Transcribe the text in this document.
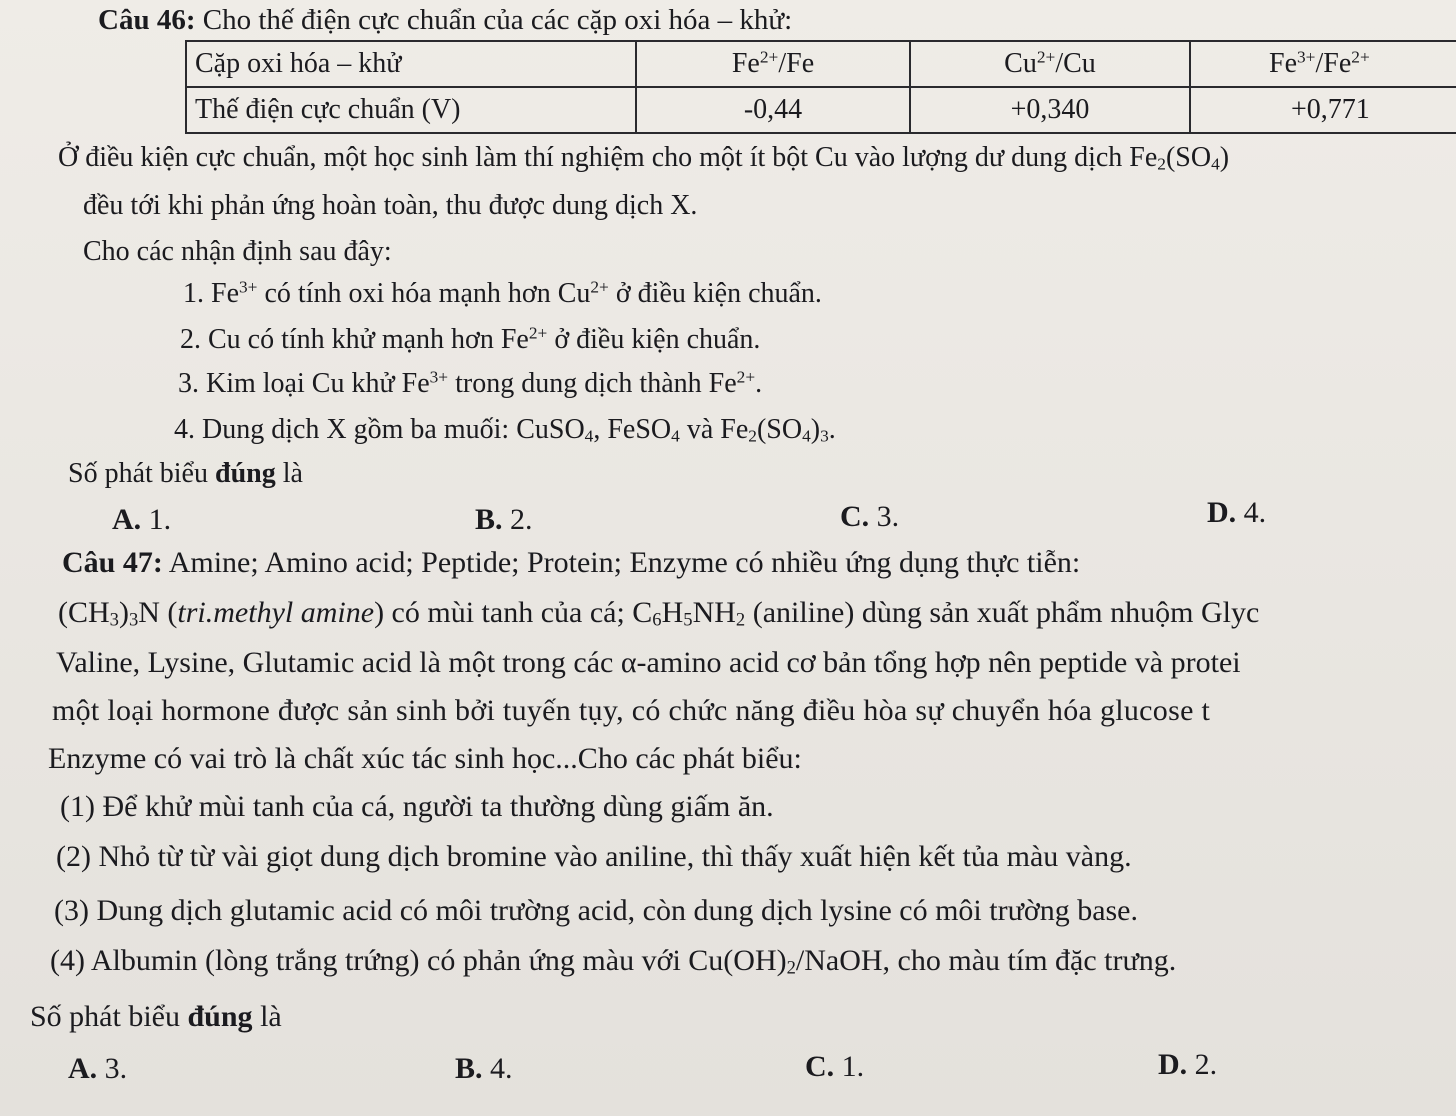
Câu 46: Cho thế điện cực chuẩn của các cặp oxi hóa – khử:
Cặp oxi hóa – khử	$Fe^{2+}/Fe$	$Cu^{2+}/Cu$	$Fe^{3+}/Fe^{2+}$
Thế điện cực chuẩn (V)	-0,44	+0,340	+0,771
Ở điều kiện cực chuẩn, một học sinh làm thí nghiệm cho một ít bột Cu vào lượng dư dung dịch $Fe_2(SO_4)$
đều tới khi phản ứng hoàn toàn, thu được dung dịch X.
Cho các nhận định sau đây:
1. $Fe^{3+}$ có tính oxi hóa mạnh hơn $Cu^{2+}$ ở điều kiện chuẩn.
2. Cu có tính khử mạnh hơn $Fe^{2+}$ ở điều kiện chuẩn.
3. Kim loại Cu khử $Fe^{3+}$ trong dung dịch thành $Fe^{2+}$.
4. Dung dịch X gồm ba muối: CuSO$_4$, FeSO$_4$ và $Fe_2(SO_4)_3$.
Số phát biểu đúng là
A. 1.	B. 2.	C. 3.	D. 4.
Câu 47: Amine; Amino acid; Peptide; Protein; Enzyme có nhiều ứng dụng thực tiễn:
$(CH_3)_3N$ (tri.methyl amine) có mùi tanh của cá; $C_6H_5NH_2$ (aniline) dùng sản xuất phẩm nhuộm Glyc
Valine, Lysine, Glutamic acid là một trong các α-amino acid cơ bản tổng hợp nên peptide và protei
một loại hormone được sản sinh bởi tuyến tụy, có chức năng điều hòa sự chuyển hóa glucose t
Enzyme có vai trò là chất xúc tác sinh học...Cho các phát biểu:
(1) Để khử mùi tanh của cá, người ta thường dùng giấm ăn.
(2) Nhỏ từ từ vài giọt dung dịch bromine vào aniline, thì thấy xuất hiện kết tủa màu vàng.
(3) Dung dịch glutamic acid có môi trường acid, còn dung dịch lysine có môi trường base.
(4) Albumin (lòng trắng trứng) có phản ứng màu với $Cu(OH)_2$/NaOH, cho màu tím đặc trưng.
Số phát biểu đúng là
A. 3.	B. 4.	C. 1.	D. 2.
